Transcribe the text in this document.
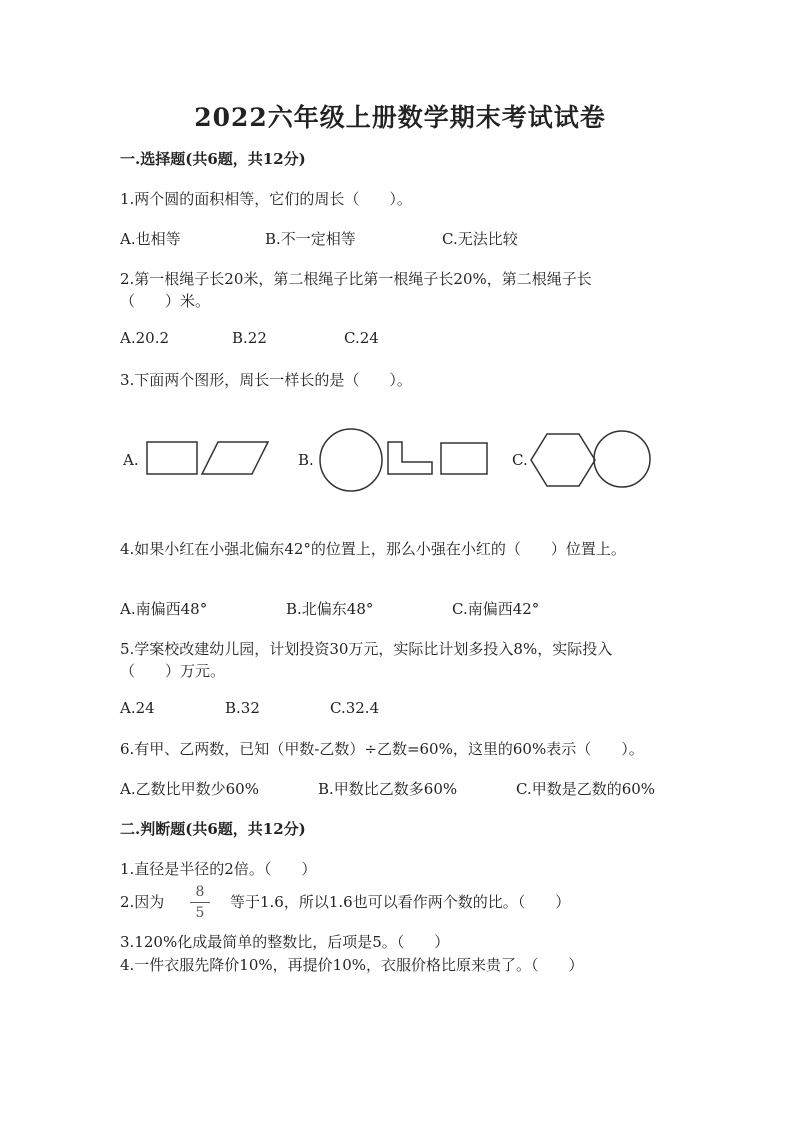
2022六年级上册数学期末考试试卷
一.选择题(共6题，共12分)
1.两个圆的面积相等，它们的周长（　　）。
A.也相等	B.不一定相等	C.无法比较
2.第一根绳子长20米，第二根绳子比第一根绳子长20%，第二根绳子长
（　　）米。
A.20.2	B.22	C.24
3.下面两个图形，周长一样长的是（　　）。
A.	B.	C.
4.如果小红在小强北偏东42°的位置上，那么小强在小红的（　　）位置上。
A.南偏西48°	B.北偏东48°	C.南偏西42°
5.学案校改建幼儿园，计划投资30万元，实际比计划多投入8%，实际投入
（　　）万元。
A.24	B.32	C.32.4
6.有甲、乙两数，已知（甲数-乙数）÷乙数=60%，这里的60%表示（　　）。
A.乙数比甲数少60%	B.甲数比乙数多60%	C.甲数是乙数的60%
二.判断题(共6题，共12分)
1.直径是半径的2倍。（　　）
2.因为
8
5
等于1.6，所以1.6也可以看作两个数的比。（　　）
3.120%化成最简单的整数比，后项是5。（　　）
4.一件衣服先降价10%，再提价10%，衣服价格比原来贵了。（　　）
